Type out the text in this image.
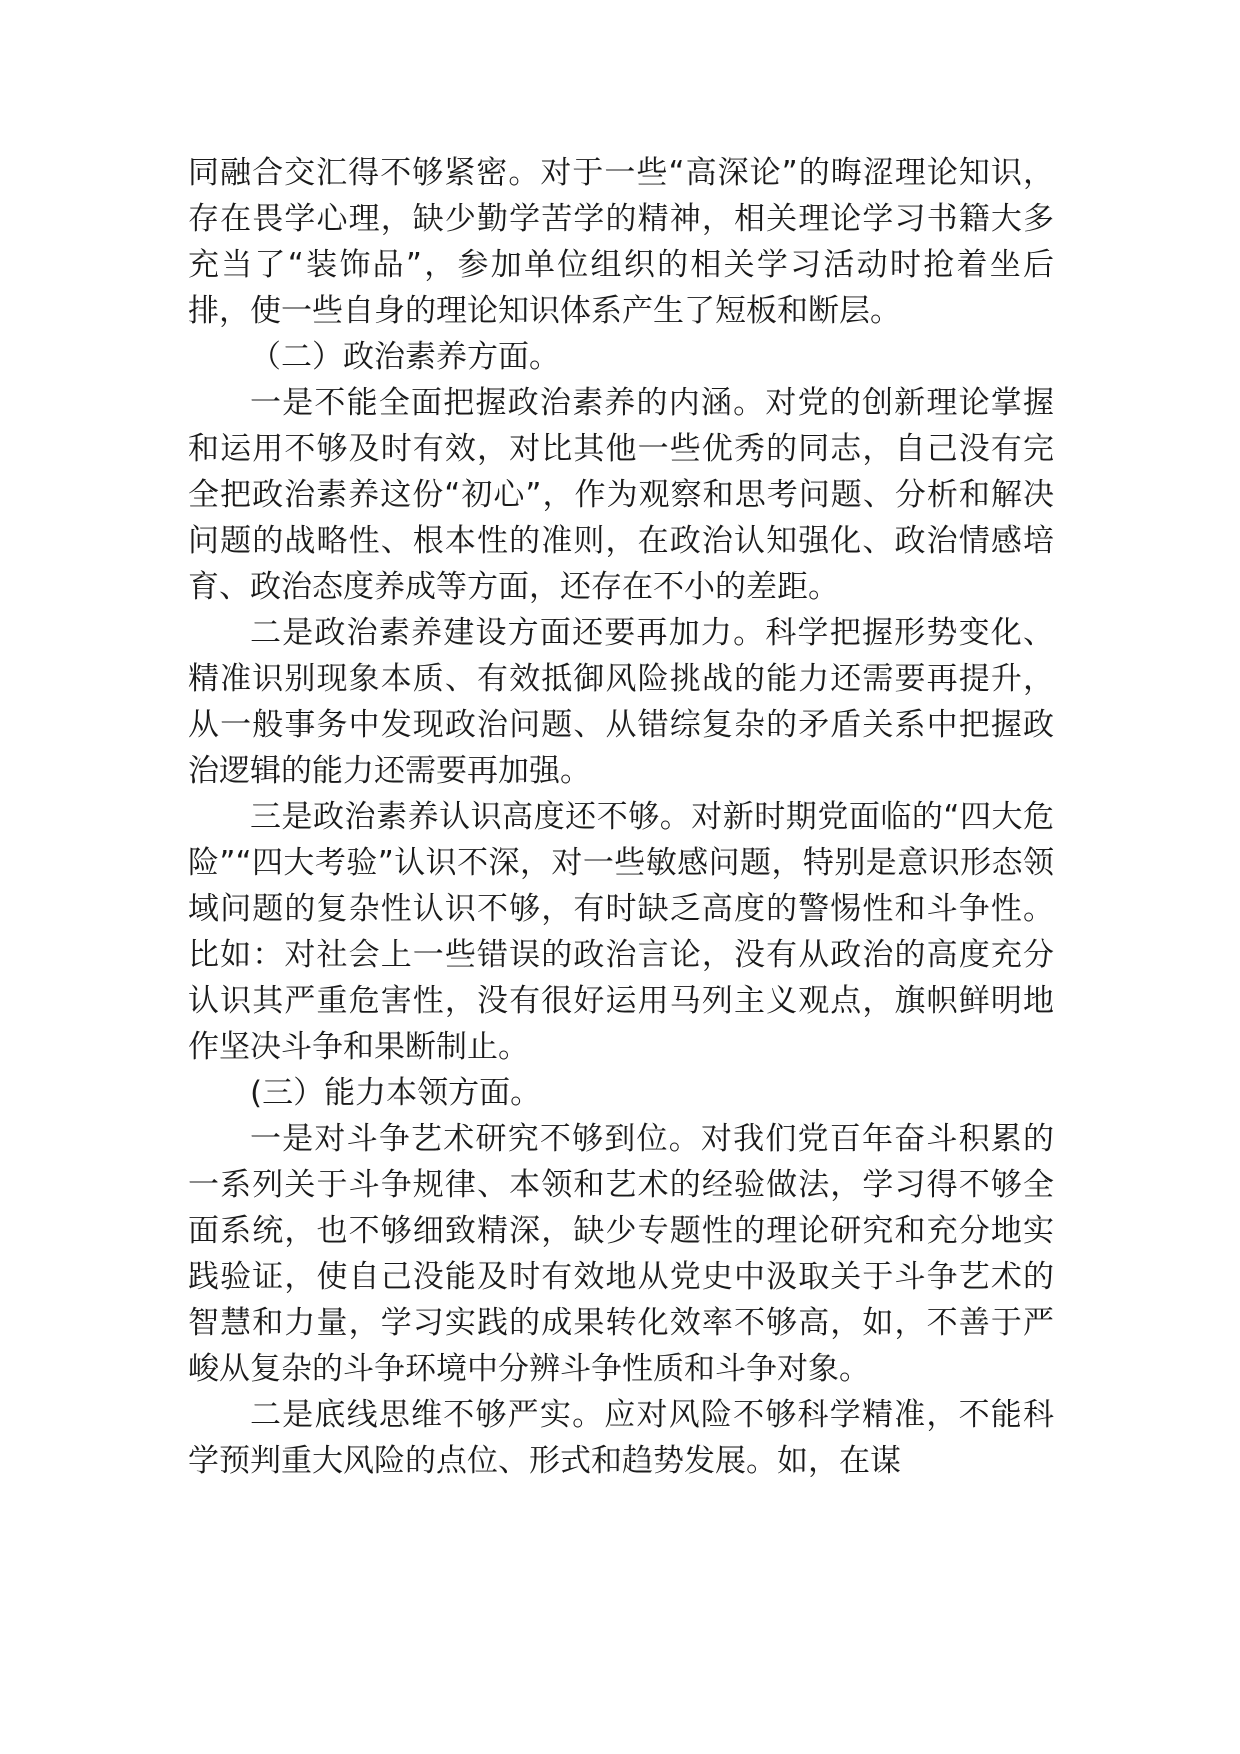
同融合交汇得不够紧密。对于一些“高深论”的晦涩理论知识，存在畏学心理，缺少勤学苦学的精神，相关理论学习书籍大多充当了“装饰品”，参加单位组织的相关学习活动时抢着坐后排，使一些自身的理论知识体系产生了短板和断层。

（二）政治素养方面。

一是不能全面把握政治素养的内涵。对党的创新理论掌握和运用不够及时有效，对比其他一些优秀的同志，自己没有完全把政治素养这份“初心”，作为观察和思考问题、分析和解决问题的战略性、根本性的准则，在政治认知强化、政治情感培育、政治态度养成等方面，还存在不小的差距。

二是政治素养建设方面还要再加力。科学把握形势变化、精准识别现象本质、有效抵御风险挑战的能力还需要再提升，从一般事务中发现政治问题、从错综复杂的矛盾关系中把握政治逻辑的能力还需要再加强。

三是政治素养认识高度还不够。对新时期党面临的“四大危险”“四大考验”认识不深，对一些敏感问题，特别是意识形态领域问题的复杂性认识不够，有时缺乏高度的警惕性和斗争性。比如：对社会上一些错误的政治言论，没有从政治的高度充分认识其严重危害性，没有很好运用马列主义观点，旗帜鲜明地作坚决斗争和果断制止。

(三）能力本领方面。

一是对斗争艺术研究不够到位。对我们党百年奋斗积累的一系列关于斗争规律、本领和艺术的经验做法，学习得不够全面系统，也不够细致精深，缺少专题性的理论研究和充分地实践验证，使自己没能及时有效地从党史中汲取关于斗争艺术的智慧和力量，学习实践的成果转化效率不够高，如，不善于严峻从复杂的斗争环境中分辨斗争性质和斗争对象。

二是底线思维不够严实。应对风险不够科学精准，不能科学预判重大风险的点位、形式和趋势发展。如，在谋
